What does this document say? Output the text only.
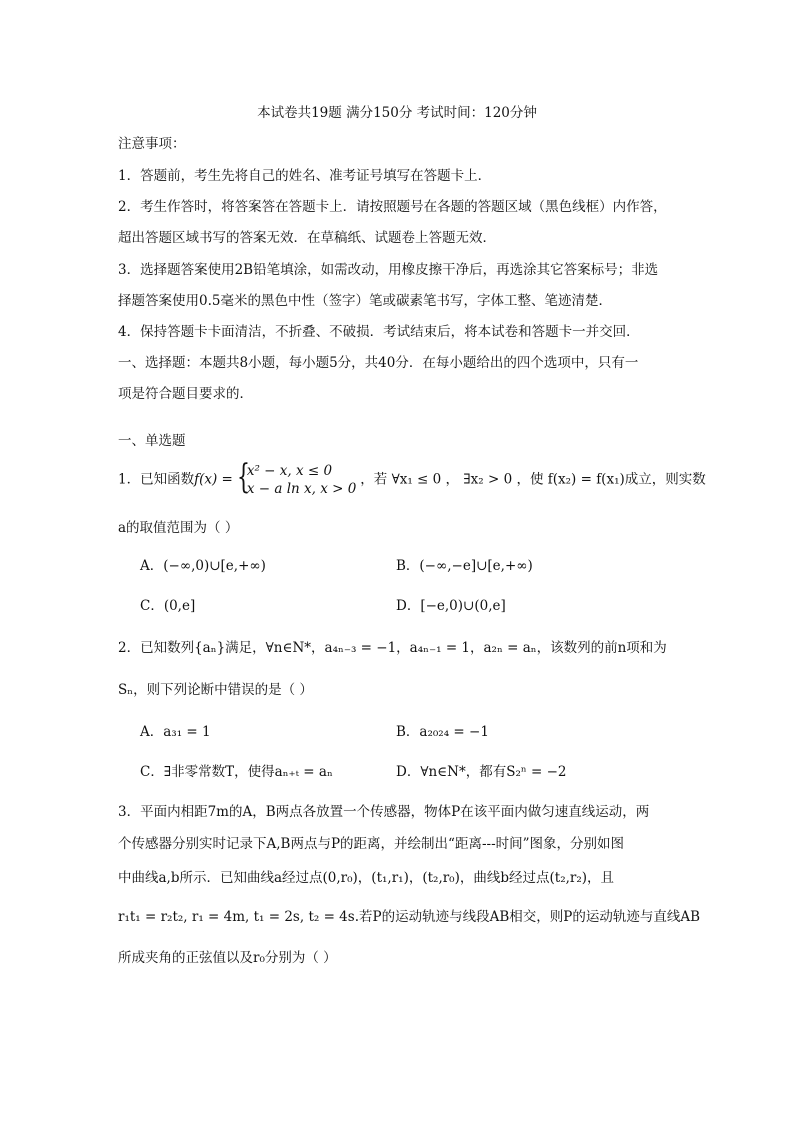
本试卷共19题 满分150分 考试时间：120分钟
注意事项：
1．答题前，考生先将自己的姓名、准考证号填写在答题卡上．
2．考生作答时，将答案答在答题卡上．请按照题号在各题的答题区域（黑色线框）内作答，
超出答题区域书写的答案无效．在草稿纸、试题卷上答题无效．
3．选择题答案使用2B铅笔填涂，如需改动，用橡皮擦干净后，再选涂其它答案标号；非选
择题答案使用0.5毫米的黑色中性（签字）笔或碳素笔书写，字体工整、笔迹清楚．
4．保持答题卡卡面清洁，不折叠、不破损．考试结束后，将本试卷和答题卡一并交回．
一、选择题：本题共8小题，每小题5分，共40分．在每小题给出的四个选项中，只有一
项是符合题目要求的．
一、单选题
1．已知函数f(x) = {
x² − x, x ≤ 0
x − a ln x, x > 0
，若 ∀x₁ ≤ 0 ， ∃x₂ > 0 ，使 f(x₂) = f(x₁)成立，则实数
a的取值范围为（ ）
A．(−∞,0)∪[e,+∞)	B．(−∞,−e]∪[e,+∞)
C．(0,e]	D．[−e,0)∪(0,e]
2．已知数列{aₙ}满足，∀n∈N*，a₄ₙ₋₃ = −1，a₄ₙ₋₁ = 1，a₂ₙ = aₙ，该数列的前n项和为
Sₙ，则下列论断中错误的是（ ）
A．a₃₁ = 1	B．a₂₀₂₄ = −1
C．∃非零常数T，使得aₙ₊ₜ = aₙ	D．∀n∈N*，都有S₂ⁿ = −2
3．平面内相距7m的A，B两点各放置一个传感器，物体P在该平面内做匀速直线运动，两
个传感器分别实时记录下A,B两点与P的距离，并绘制出“距离---时间”图象，分别如图
中曲线a,b所示．已知曲线a经过点(0,r₀)，(t₁,r₁)，(t₂,r₀)，曲线b经过点(t₂,r₂)，且
r₁t₁ = r₂t₂, r₁ = 4m, t₁ = 2s, t₂ = 4s.若P的运动轨迹与线段AB相交，则P的运动轨迹与直线AB
所成夹角的正弦值以及r₀分别为（ ）
